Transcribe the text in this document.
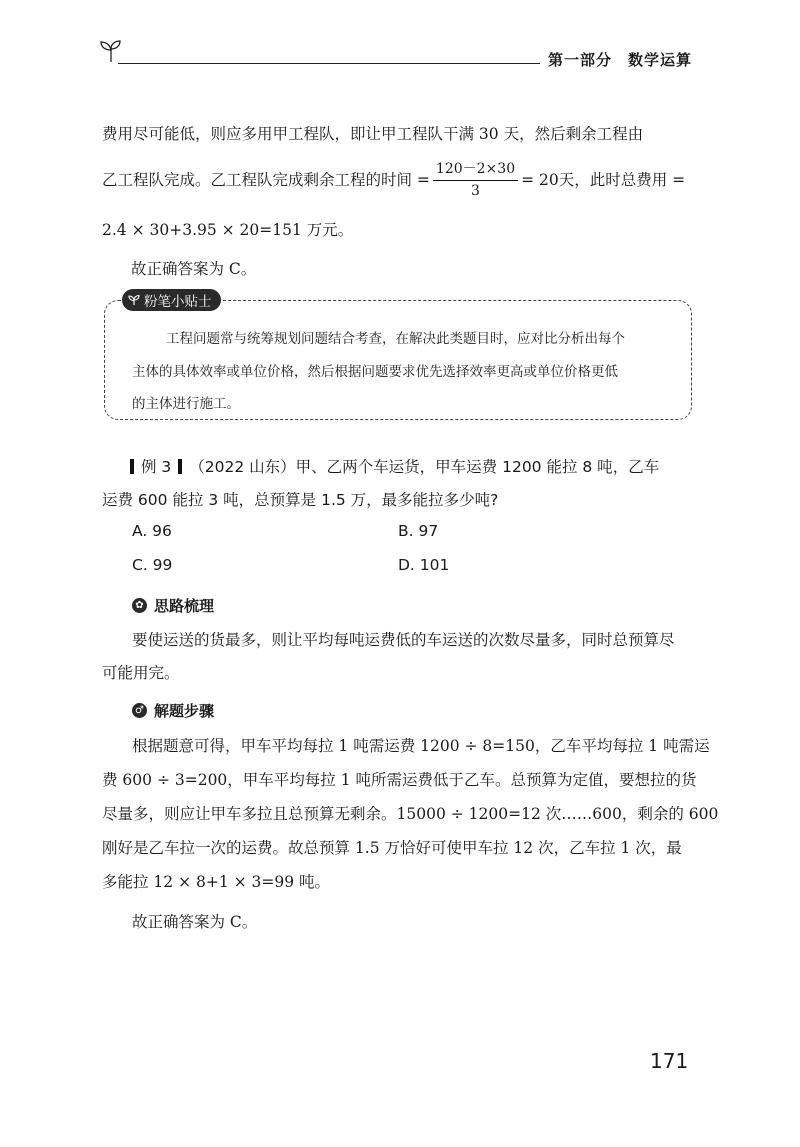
第一部分　数学运算
费用尽可能低，则应多用甲工程队，即让甲工程队干满 30 天，然后剩余工程由
乙工程队完成。乙工程队完成剩余工程的时间 = $\frac{120-2\times 30}{3} = 20$天，此时总费用 =
2.4 × 30+3.95 × 20=151 万元。
故正确答案为 C。
粉笔小贴士
工程问题常与统筹规划问题结合考查，在解决此类题目时，应对比分析出每个
主体的具体效率或单位价格，然后根据问题要求优先选择效率更高或单位价格更低
的主体进行施工。
例 3 （2022 山东）甲、乙两个车运货，甲车运费 1200 能拉 8 吨，乙车
运费 600 能拉 3 吨，总预算是 1.5 万，最多能拉多少吨?
A. 96	B. 97
C. 99	D. 101
✿ 思路梳理
要使运送的货最多，则让平均每吨运费低的车运送的次数尽量多，同时总预算尽
可能用完。
♂ 解题步骤
根据题意可得，甲车平均每拉 1 吨需运费 1200 ÷ 8=150，乙车平均每拉 1 吨需运
费 600 ÷ 3=200，甲车平均每拉 1 吨所需运费低于乙车。总预算为定值，要想拉的货
尽量多，则应让甲车多拉且总预算无剩余。15000 ÷ 1200=12 次……600，剩余的 600
刚好是乙车拉一次的运费。故总预算 1.5 万恰好可使甲车拉 12 次，乙车拉 1 次，最
多能拉 12 × 8+1 × 3=99 吨。
故正确答案为 C。
171
